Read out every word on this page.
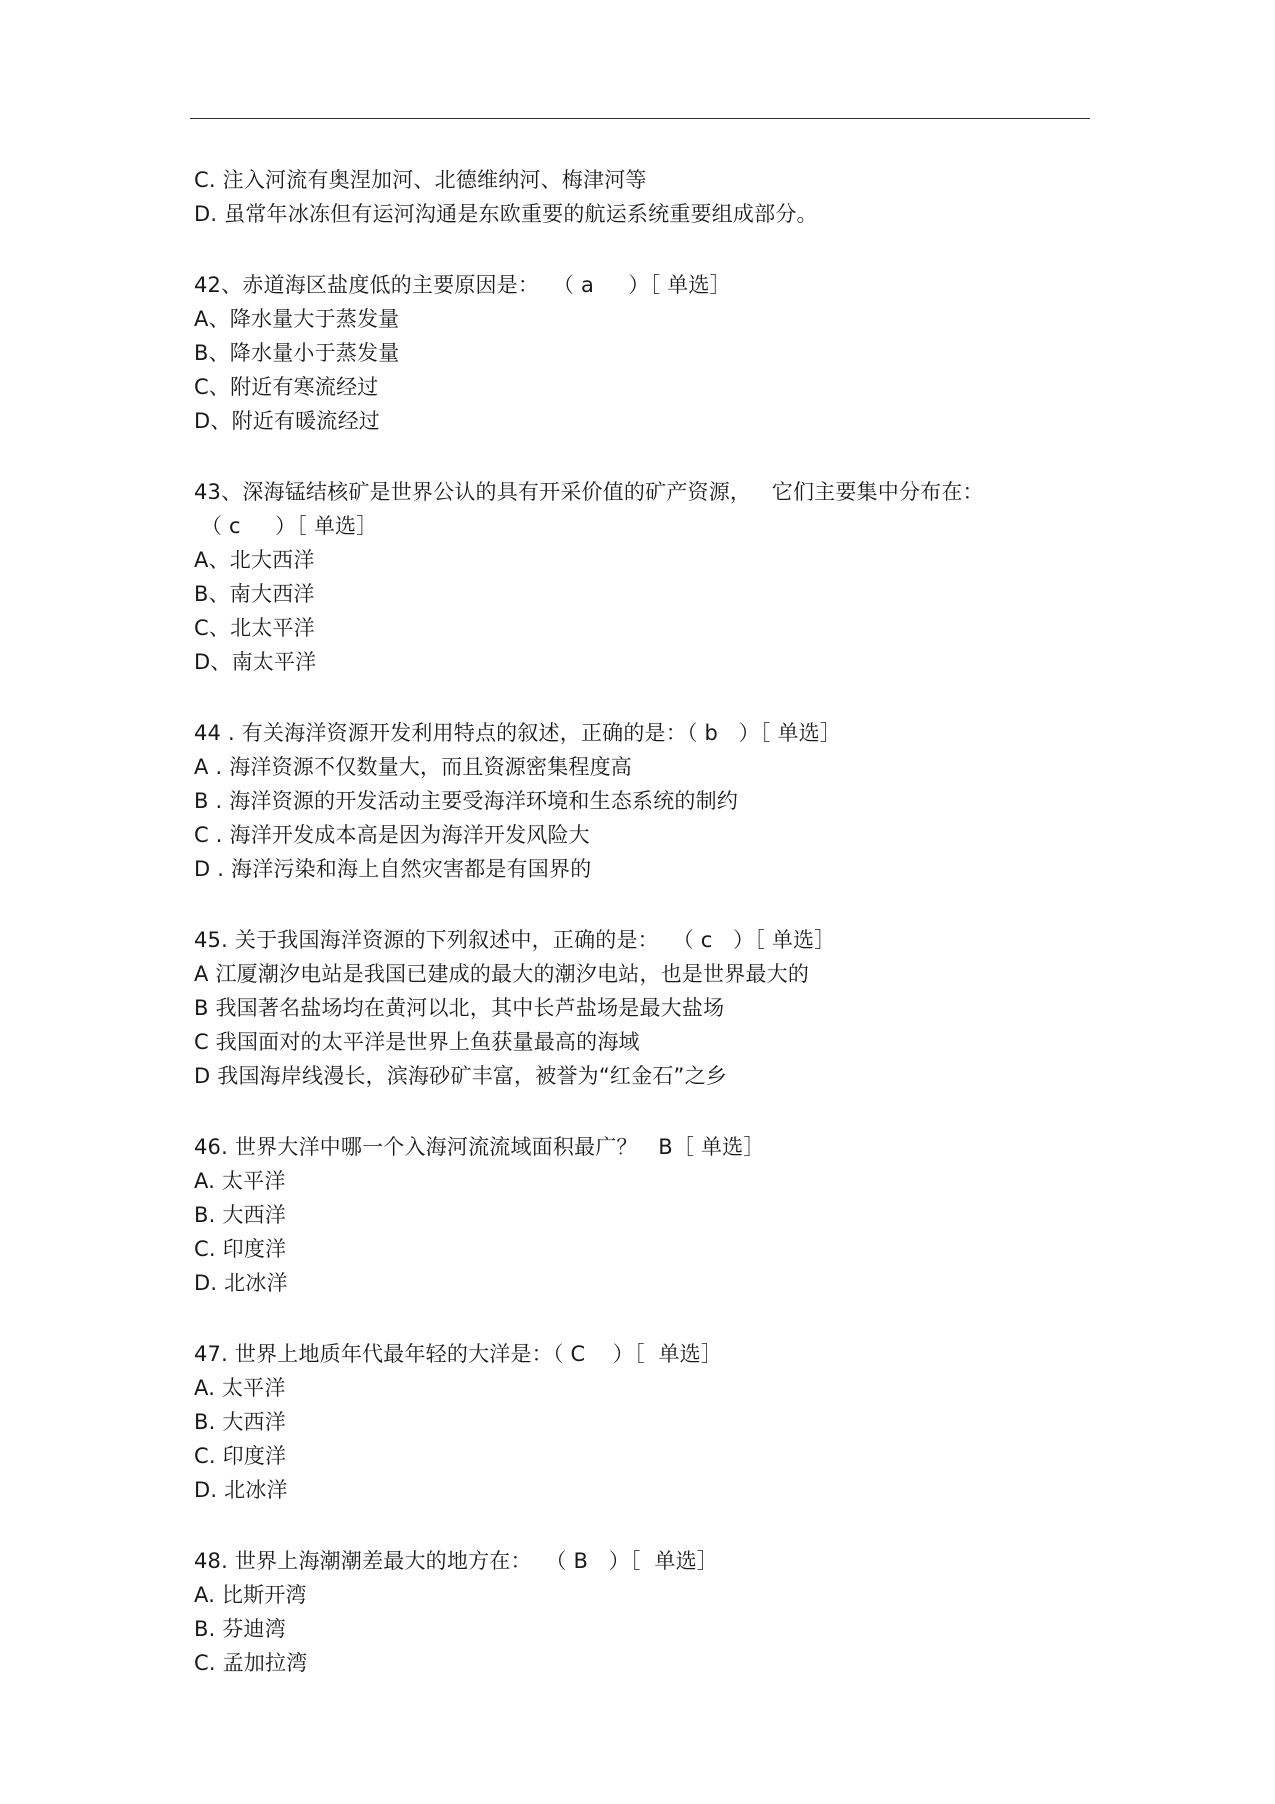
C. 注入河流有奥涅加河、北德维纳河、梅津河等
D. 虽常年冰冻但有运河沟通是东欧重要的航运系统重要组成部分。
42、赤道海区盐度低的主要原因是：  （ a     ）［ 单选］
A、降水量大于蒸发量
B、降水量小于蒸发量
C、附近有寒流经过
D、附近有暖流经过
43、深海锰结核矿是世界公认的具有开采价值的矿产资源，   它们主要集中分布在：
（ c     ）［ 单选］
A、北大西洋
B、南大西洋
C、北太平洋
D、南太平洋
44 . 有关海洋资源开发利用特点的叙述，正确的是：（ b   ）［ 单选］
A . 海洋资源不仅数量大，而且资源密集程度高
B . 海洋资源的开发活动主要受海洋环境和生态系统的制约
C . 海洋开发成本高是因为海洋开发风险大
D . 海洋污染和海上自然灾害都是有国界的
45. 关于我国海洋资源的下列叙述中，正确的是：  （ c   ）［ 单选］
A 江厦潮汐电站是我国已建成的最大的潮汐电站，也是世界最大的
B 我国著名盐场均在黄河以北，其中长芦盐场是最大盐场
C 我国面对的太平洋是世界上鱼获量最高的海域
D 我国海岸线漫长，滨海砂矿丰富，被誉为“红金石”之乡
46. 世界大洋中哪一个入海河流流域面积最广？   B［ 单选］
A. 太平洋
B. 大西洋
C. 印度洋
D. 北冰洋
47. 世界上地质年代最年轻的大洋是：（ C    ）［  单选］
A. 太平洋
B. 大西洋
C. 印度洋
D. 北冰洋
48. 世界上海潮潮差最大的地方在：  （ B   ）［  单选］
A. 比斯开湾
B. 芬迪湾
C. 孟加拉湾
